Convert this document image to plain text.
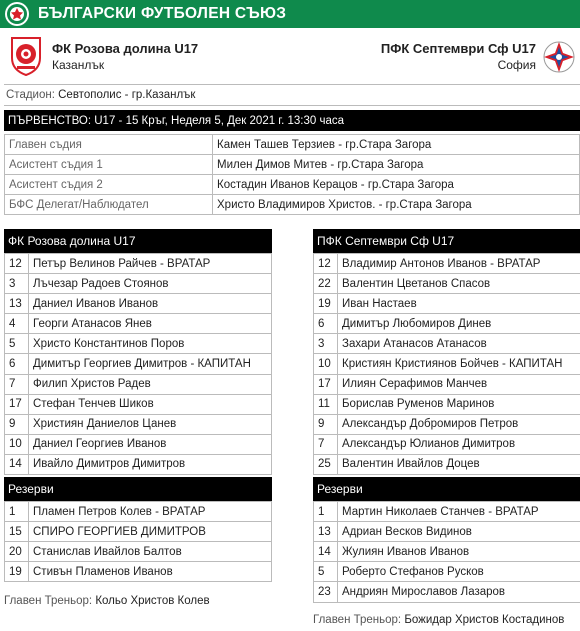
БЪЛГАРСКИ ФУТБОЛЕН СЪЮЗ
ФК Розова долина U17
Казанлък
ПФК Септември Сф U17
София
Стадион: Севтополис - гр.Казанлък
ПЪРВЕНСТВО: U17 - 15 Кръг, Неделя 5, Дек 2021 г. 13:30 часа
Главен съдия	Камен Ташев Терзиев - гр.Стара Загора
Асистент съдия 1	Милен Димов Митев - гр.Стара Загора
Асистент съдия 2	Костадин Иванов Керацов - гр.Стара Загора
БФС Делегат/Наблюдател	Христо Владимиров Христов. - гр.Стара Загора
ФК Розова долина U17
12	Петър Велинов Райчев - ВРАТАР
3	Лъчезар Радоев Стоянов
13	Даниел Иванов Иванов
4	Георги Атанасов Янев
5	Христо Константинов Поров
6	Димитър Георгиев Димитров - КАПИТАН
7	Филип Христов Радев
17	Стефан Тенчев Шиков
9	Християн Даниелов Цанев
10	Даниел Георгиев Иванов
14	Ивайло Димитров Димитров
Резерви
1	Пламен Петров Колев - ВРАТАР
15	СПИРО ГЕОРГИЕВ ДИМИТРОВ
20	Станислав Ивайлов Балтов
19	Стивън Пламенов Иванов
ПФК Септември Сф U17
12	Владимир Антонов Иванов - ВРАТАР
22	Валентин Цветанов Спасов
19	Иван Настаев
6	Димитър Любомиров Динев
3	Захари Атанасов Атанасов
10	Кристиян Кристиянов Бойчев - КАПИТАН
17	Илиян Серафимов Манчев
11	Борислав Руменов Маринов
9	Александър Добромиров Петров
7	Александър Юлианов Димитров
25	Валентин Ивайлов Доцев
Резерви
1	Мартин Николаев Станчев - ВРАТАР
13	Адриан Весков Видинов
14	Жулиян Иванов Иванов
5	Роберто Стефанов Русков
23	Андриян Мирославов Лазаров
Главен Треньор: Кольо Христов Колев
Главен Треньор: Божидар Христов Костадинов
